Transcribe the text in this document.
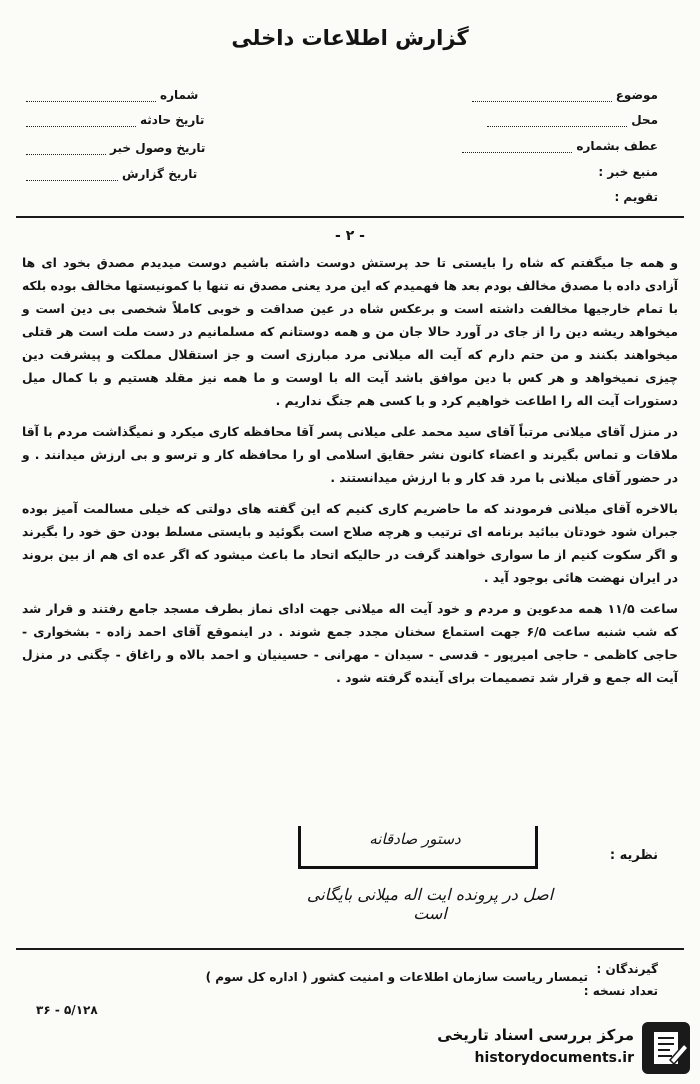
گزارش اطلاعات داخلی
شماره
تاریخ حادثه
تاریخ وصول خبر
تاریخ گزارش
موضوع
محل
عطف بشماره
منبع خبر :
تقویم :
- ۲ -

و همه جا میگفتم که شاه را بایستی تا حد پرستش دوست داشته باشیم دوست میدیدم مصدق بخود ای ها آزادی داده با مصدق مخالف بودم بعد ها فهمیدم که این مرد یعنی مصدق نه تنها با کمونیستها مخالف بوده بلکه با تمام خارجیها مخالفت داشته است و برعکس شاه در عین صداقت و خوبی کاملاً شخصی بی دین است و میخواهد ریشه دین را از جای در آورد حالا جان من و همه دوستانم که مسلمانیم در دست ملت است هر قتلی میخواهند بکنند و من حتم دارم که آیت اله میلانی مرد مبارزی است و جز استقلال مملکت و پیشرفت دین چیزی نمیخواهد و هر کس با دین موافق باشد آیت اله با اوست و ما همه نیز مقلد هستیم و با کمال میل دستورات آیت اله را اطاعت خواهیم کرد و با کسی هم جنگ نداریم .

در منزل آقای میلانی مرتباً آقای سید محمد علی میلانی پسر آقا محافظه کاری میکرد و نمیگذاشت مردم با آقا ملاقات و تماس بگیرند و اعضاء کانون نشر حقایق اسلامی او را محافظه کار و ترسو و بی ارزش میدانند . و در حضور آقای میلانی با مرد قد کار و با ارزش میدانستند .

بالاخره آقای میلانی فرمودند که ما حاضریم کاری کنیم که این گفته های دولتی که خیلی مسالمت آمیز بوده جبران شود خودتان ببائید برنامه ای ترتیب و هرچه صلاح است بگوئید و بایستی مسلط بودن حق خود را بگیرند و اگر سکوت کنیم از ما سواری خواهند گرفت در حالیکه اتحاد ما باعث میشود که اگر عده ای هم از بین بروند در ایران نهضت هائی بوجود آید .

ساعت ۱۱/۵ همه مدعوین و مردم و خود آیت اله میلانی جهت ادای نماز بطرف مسجد جامع رفتند و قرار شد که شب شنبه ساعت ۶/۵ جهت استماع سخنان مجدد جمع شوند . در اینموقع آقای احمد زاده - بشخواری - حاجی کاظمی - حاجی امیرپور - قدسی - سیدان - مهرانی - حسینیان و احمد بالاه و راغاق - چگنی در منزل آیت اله جمع و قرار شد تصمیمات برای آینده گرفته شود .

نظریه :
دستور صادقانه
اصل در پرونده ایت اله میلانی بایگانی است
گیرندگان :
تیمسار ریاست سازمان اطلاعات و امنیت کشور ( اداره کل سوم )
تعداد نسخه :
۳۶ - ۵/۱۲۸
مرکز بررسی اسناد تاریخی
historydocuments.ir
